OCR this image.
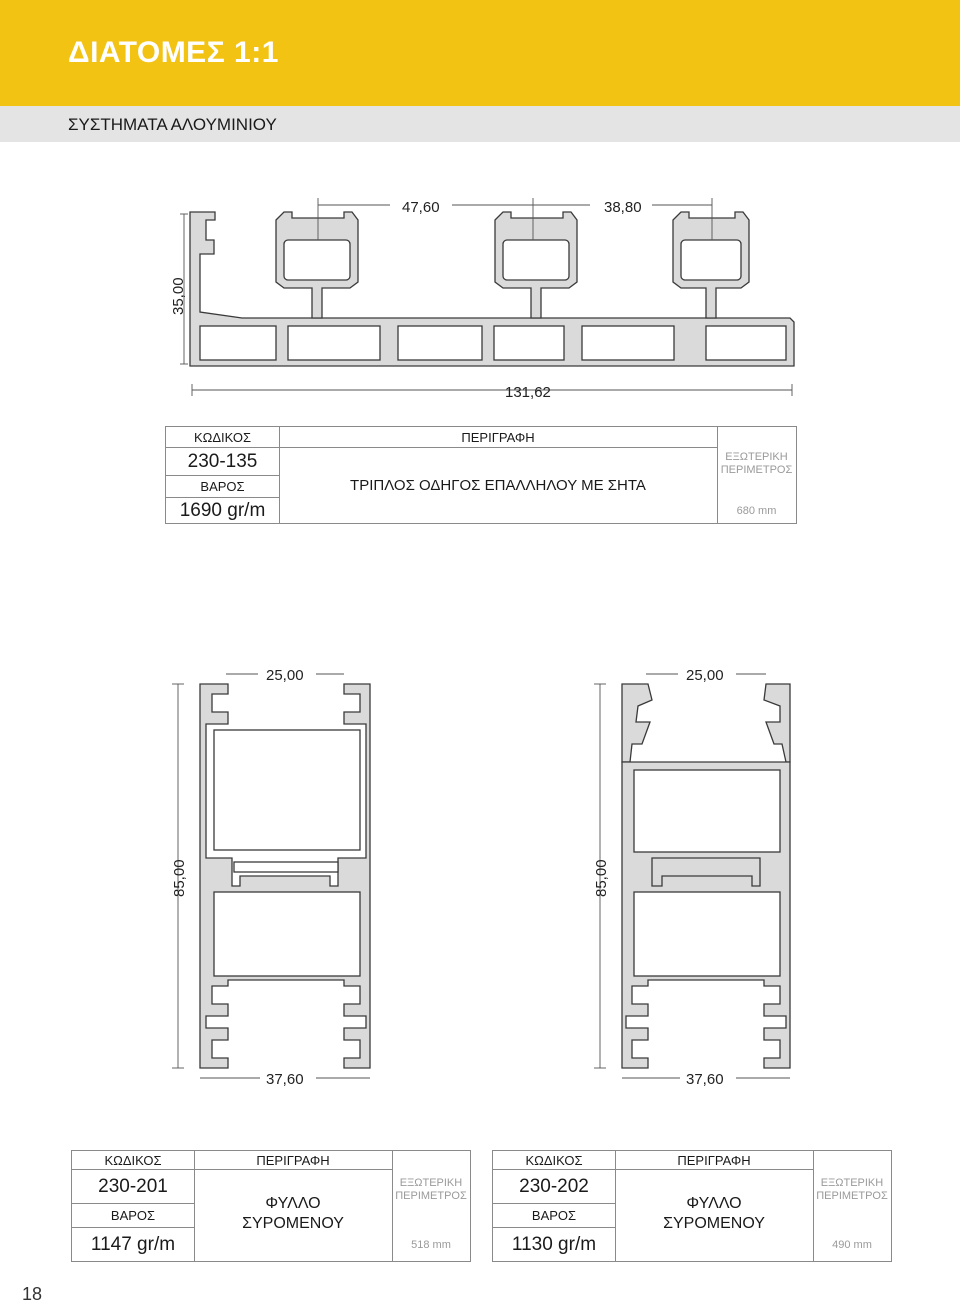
ΔΙΑΤΟΜΕΣ 1:1
ΣΥΣΤΗΜΑΤΑ ΑΛΟΥΜΙΝΙΟΥ
47,60	38,80
131,62
35,00
25,00
37,60
85,00
25,00
37,60
85,00
ΚΩΔΙΚΟΣ
230-135
ΒΑΡΟΣ
1690 gr/m
ΠΕΡΙΓΡΑΦΗ
ΤΡΙΠΛΟΣ ΟΔΗΓΟΣ ΕΠΑΛΛΗΛΟΥ ΜΕ ΣΗΤΑ
ΕΞΩΤΕΡΙΚΗ
ΠΕΡΙΜΕΤΡΟΣ
680 mm
ΚΩΔΙΚΟΣ
230-201
ΒΑΡΟΣ
1147 gr/m
ΠΕΡΙΓΡΑΦΗ
ΦΥΛΛΟ
ΣΥΡΟΜΕΝΟΥ
ΕΞΩΤΕΡΙΚΗ
ΠΕΡΙΜΕΤΡΟΣ
518 mm
ΚΩΔΙΚΟΣ
230-202
ΒΑΡΟΣ
1130 gr/m
ΠΕΡΙΓΡΑΦΗ
ΦΥΛΛΟ
ΣΥΡΟΜΕΝΟΥ
ΕΞΩΤΕΡΙΚΗ
ΠΕΡΙΜΕΤΡΟΣ
490 mm
18
